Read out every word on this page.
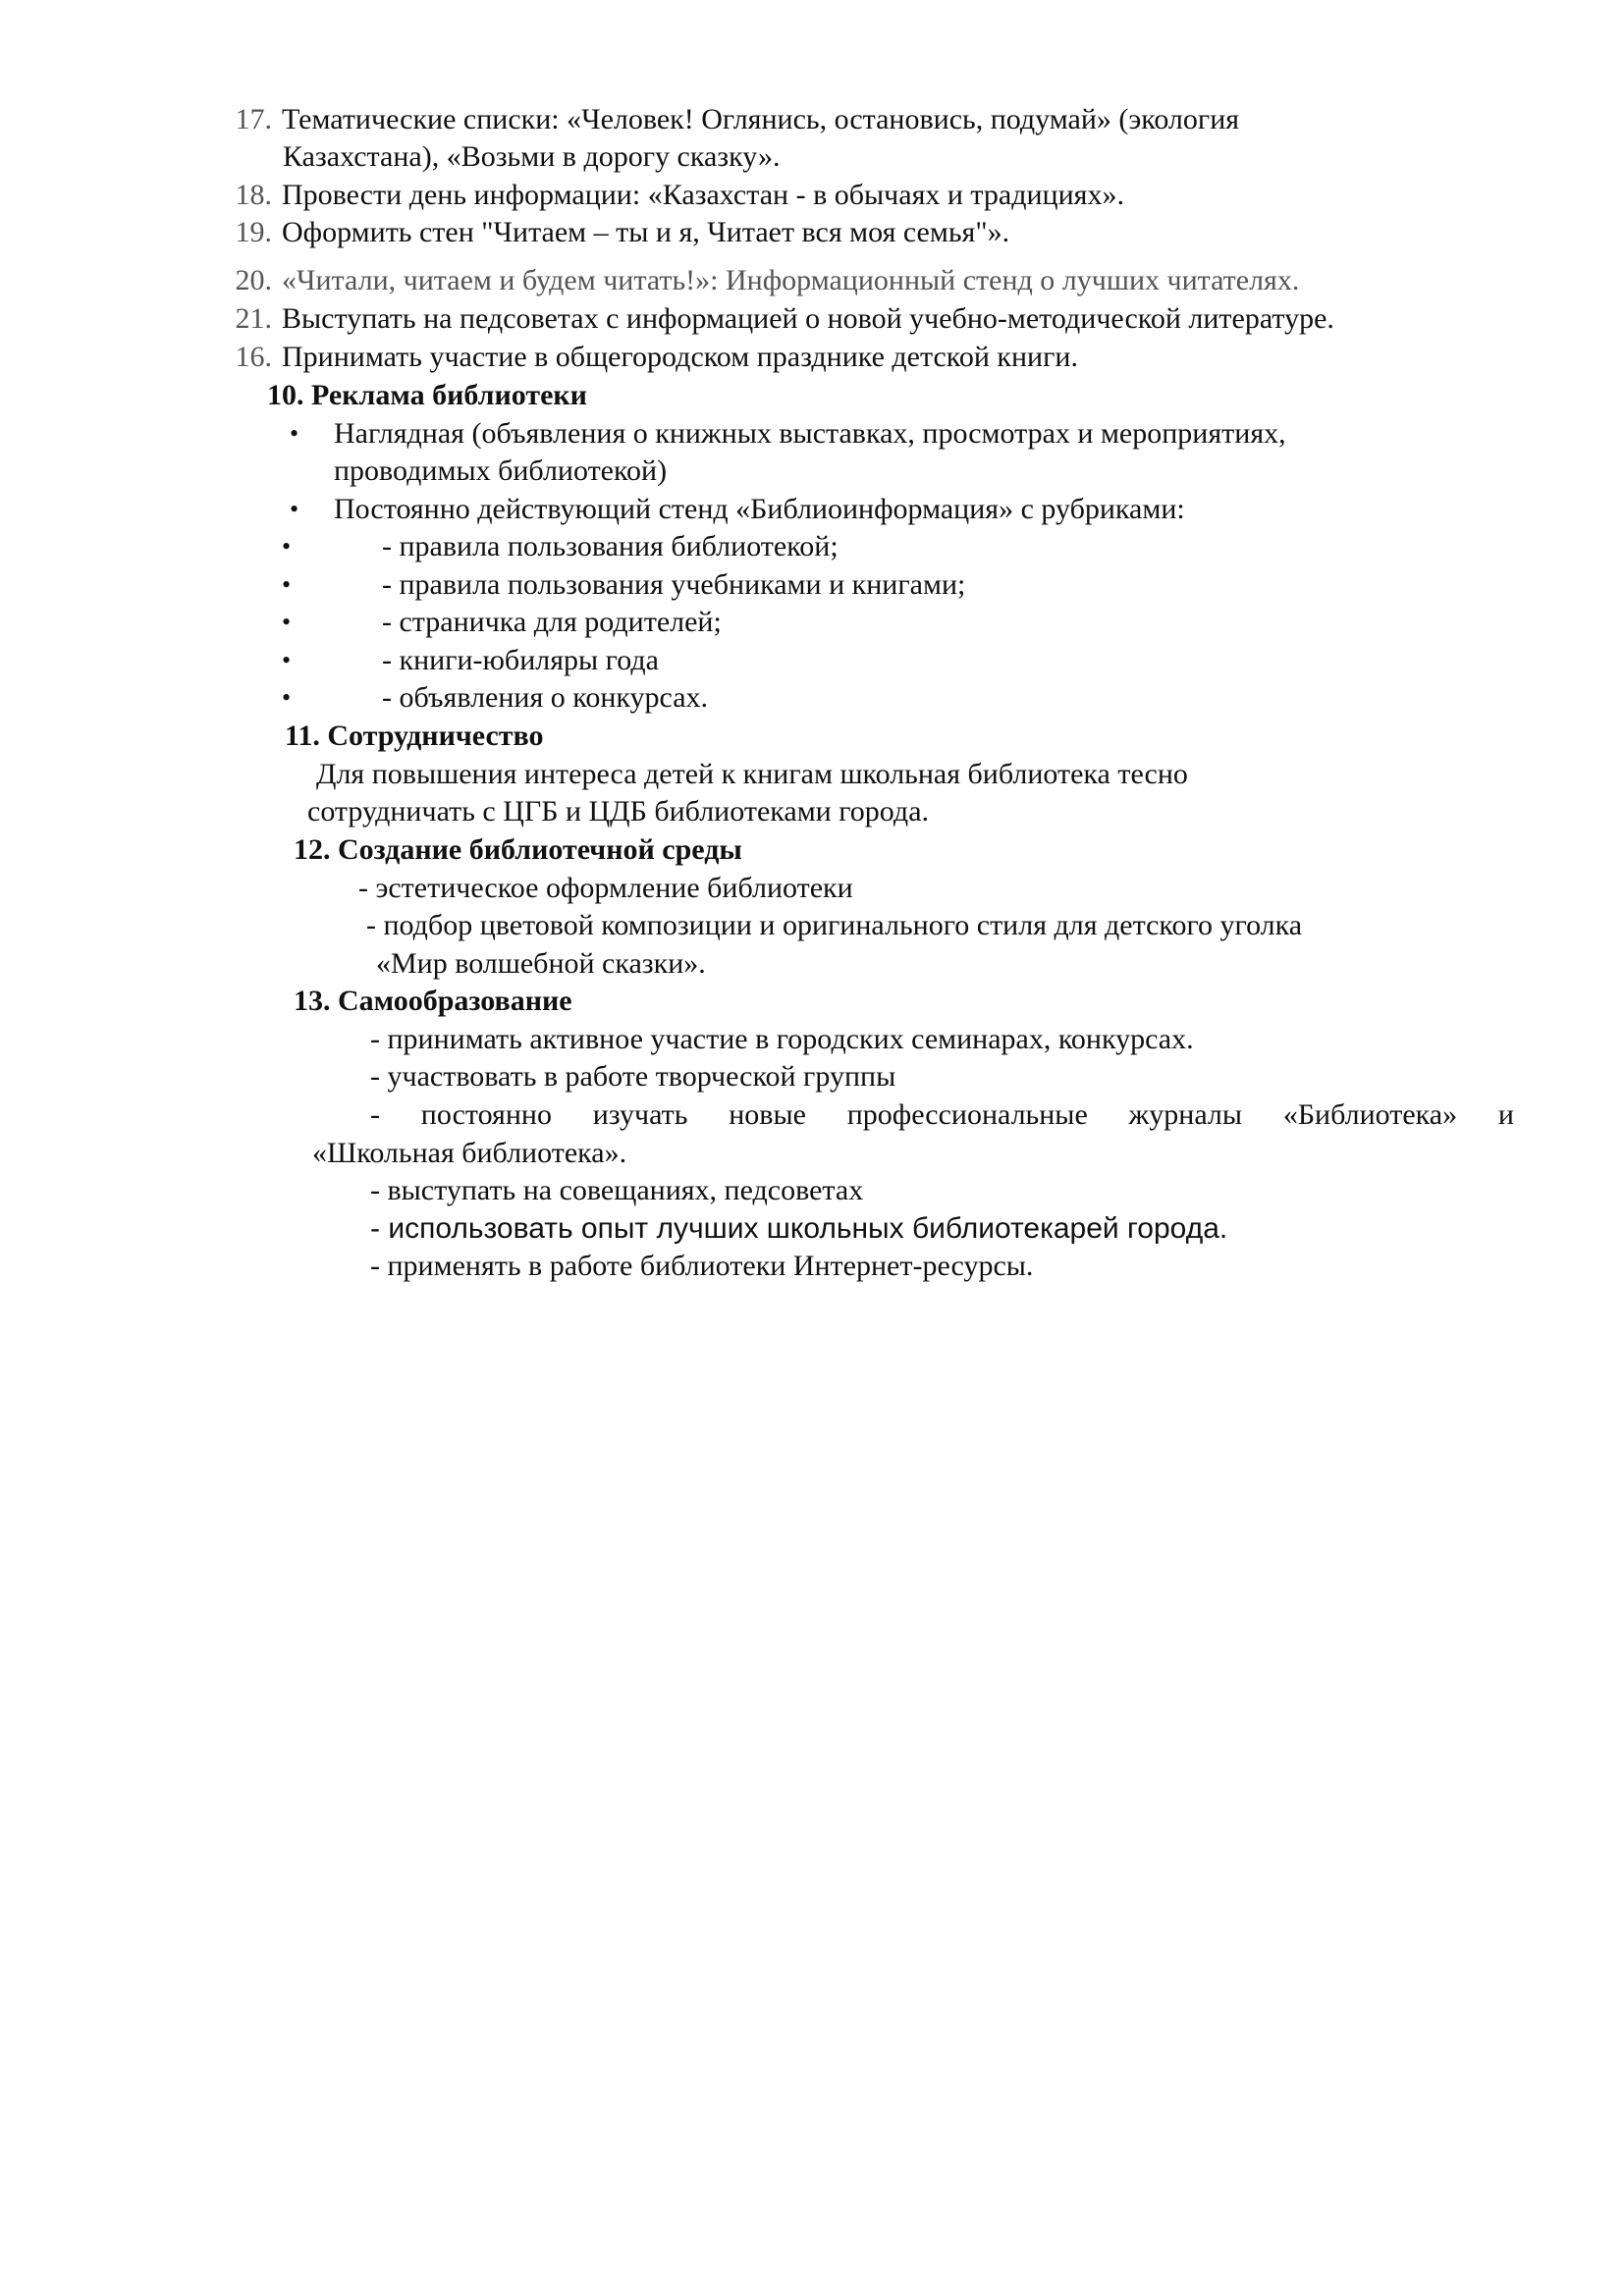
17. Тематические списки: «Человек! Оглянись, остановись, подумай» (экология
Казахстана), «Возьми в дорогу сказку».
18. Провести день информации: «Казахстан - в обычаях и традициях».
19. Оформить стен "Читаем – ты и я, Читает вся моя семья"».
20. «Читали, читаем и будем читать!»: Информационный стенд о лучших читателях.
21. Выступать на педсоветах с информацией о новой учебно-методической литературе.
16. Принимать участие в общегородском празднике детской книги.
10. Реклама библиотеки
• Наглядная (объявления о книжных выставках, просмотрах и мероприятиях,
проводимых библиотекой)
• Постоянно действующий стенд «Библиоинформация» с рубриками:
•	- правила пользования библиотекой;
•	- правила пользования учебниками и книгами;
•	- страничка для родителей;
•	- книги-юбиляры года
•	- объявления о конкурсах.
11. Сотрудничество
Для повышения интереса детей к книгам школьная библиотека тесно
сотрудничать с ЦГБ и ЦДБ библиотеками города.
12. Создание библиотечной среды
- эстетическое оформление библиотеки
- подбор цветовой композиции и оригинального стиля для детского уголка
«Мир волшебной сказки».
13. Самообразование
- принимать активное участие в городских семинарах, конкурсах.
- участвовать в работе творческой группы
- постоянно изучать новые профессиональные журналы «Библиотека» и
«Школьная библиотека».
- выступать на совещаниях, педсоветах
- использовать опыт лучших школьных библиотекарей города.
- применять в работе библиотеки Интернет-ресурсы.
